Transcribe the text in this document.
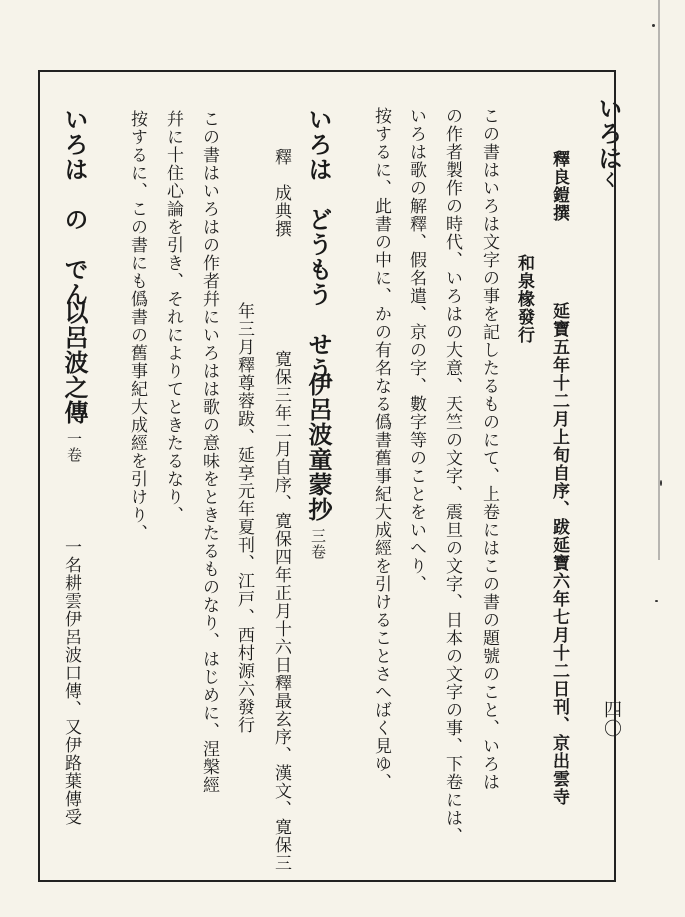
いろはく
四〇
釋良鎧撰
延寶五年十二月上旬自序、跋延寶六年七月十二日刊、京出雲寺
和泉椽發行
この書はいろは文字の事を記したるものにて、上卷にはこの書の題號のこと、いろは
の作者製作の時代、いろはの大意、天竺の文字、震旦の文字、日本の文字の事、下卷には、
いろは歌の解釋、假名遣、京の字、數字等のことをいへり、
按するに、此書の中に、かの有名なる僞書舊事紀大成經を引けることさへばく見ゆ、
いろは　どうもう　せう
伊呂波童蒙抄三卷
釋　成典撰
寛保三年二月自序、寛保四年正月十六日釋最玄序、漢文、寛保三
年三月釋尊蓉跋、延享元年夏刊、江戸、西村源六發行
この書はいろはの作者幷にいろはは歌の意味をときたるものなり、はじめに、涅槃經
幷に十住心論を引き、それによりてときたるなり、
按するに、この書にも僞書の舊事紀大成經を引けり、
いろは　の　でん
以呂波之傳一卷
一名耕雲伊呂波口傳、又伊路葉傳受
